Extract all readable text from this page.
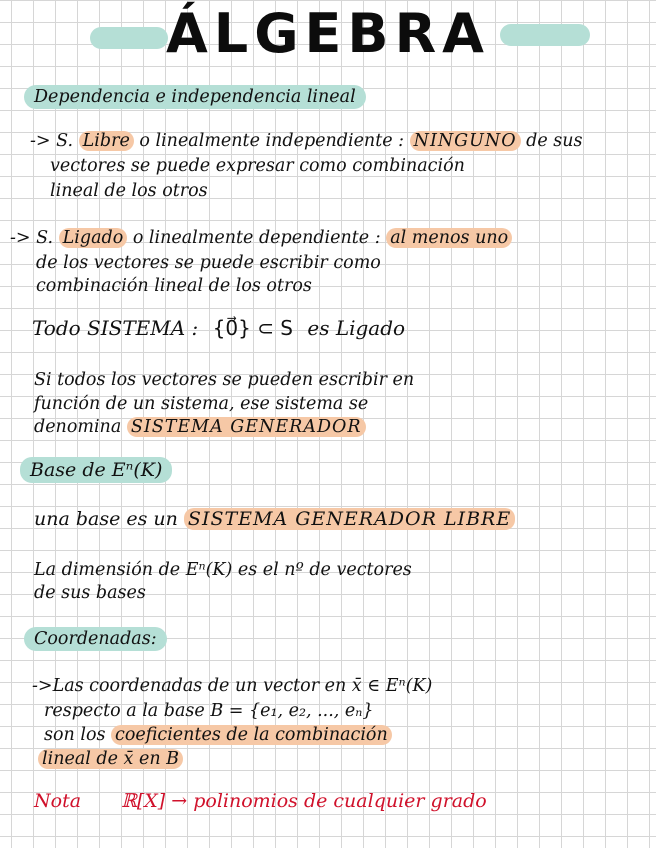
ÁLGEBRA
Dependencia e independencia lineal
-> S. Libre o linealmente independiente : NINGUNO de sus
vectores se puede expresar como combinación
lineal de los otros
-> S. Ligado o linealmente dependiente : al menos uno
de los vectores se puede escribir como
combinación lineal de los otros
Todo SISTEMA : {0⃗} ⊂ S es Ligado
Si todos los vectores se pueden escribir en
función de un sistema, ese sistema se
denomina SISTEMA GENERADOR
Base de Eⁿ(K)
una base es un SISTEMA GENERADOR LIBRE
La dimensión de Eⁿ(K) es el nº de vectores
de sus bases
Coordenadas:
->Las coordenadas de un vector en x̄ ∈ Eⁿ(K)
respecto a la base B = {e₁, e₂, ..., eₙ}
son los coeficientes de la combinación
lineal de x̄ en B
Nota ℝ[X] → polinomios de cualquier grado
